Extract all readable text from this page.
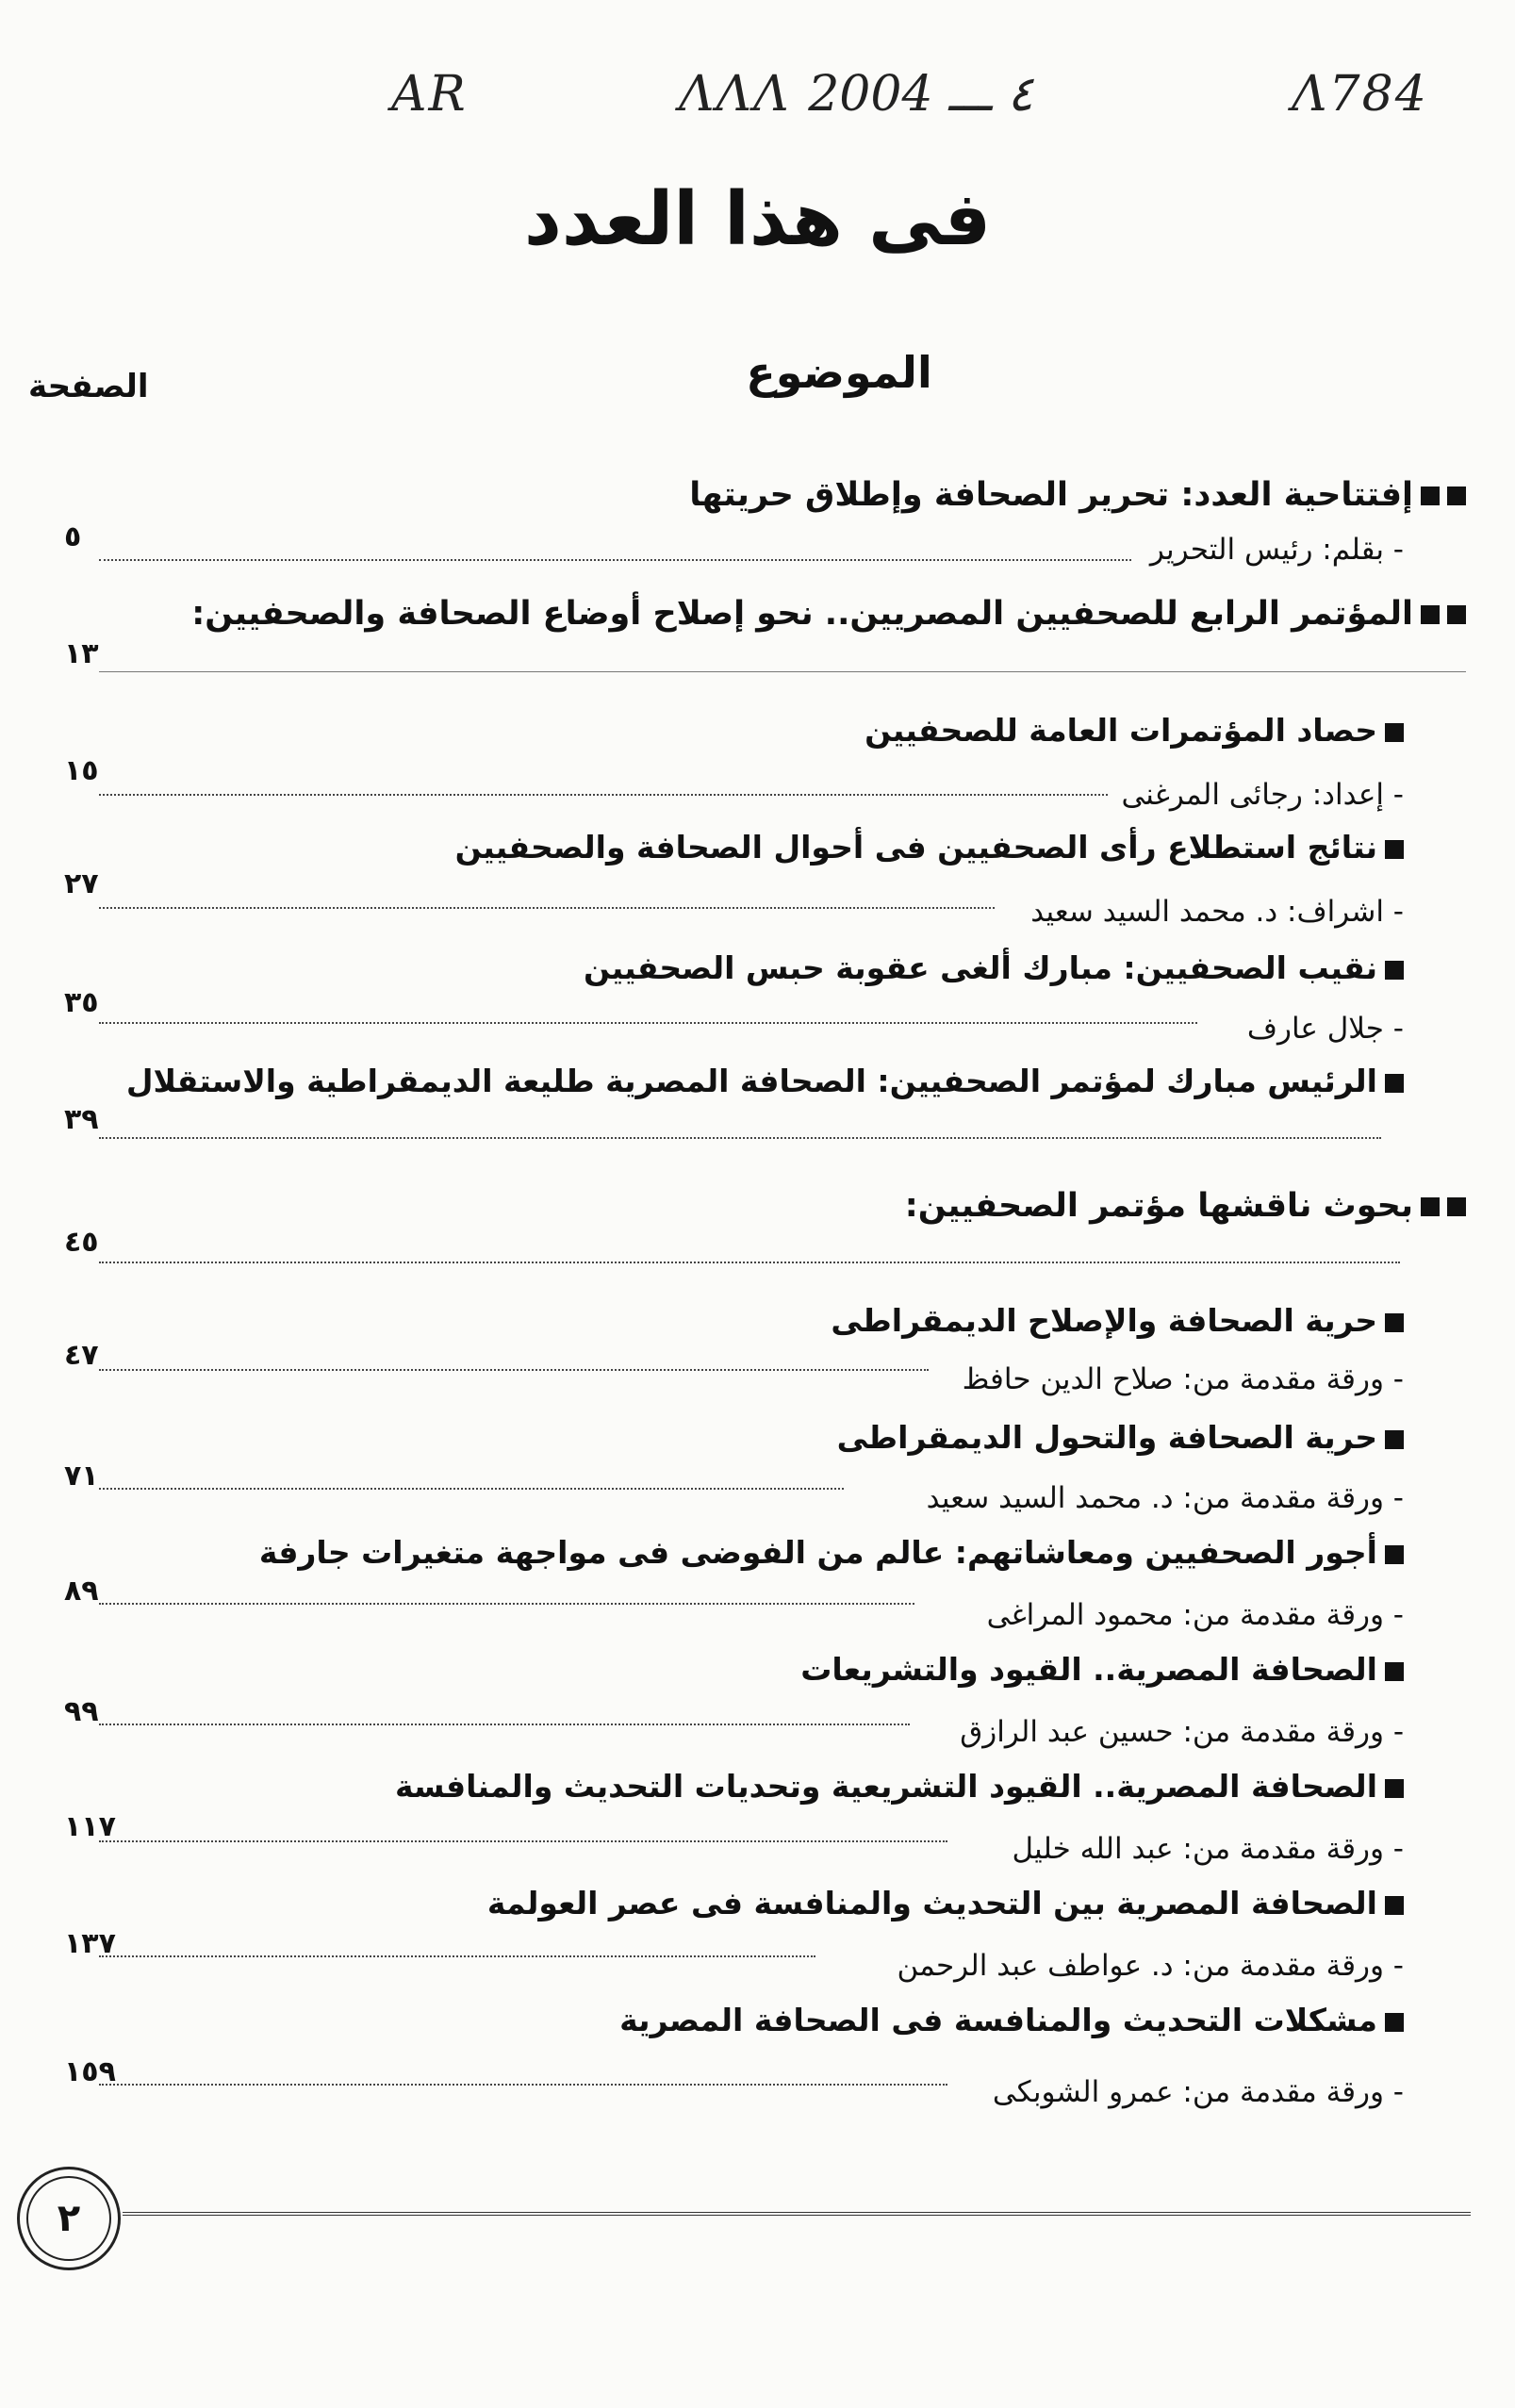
AR	ΛΛΛ ٤ ـــ 2004	Λ784
فى هذا العدد
الموضوع
الصفحة
إفتتاحية العدد: تحرير الصحافة وإطلاق حريتها
- بقلم: رئيس التحرير
٥
المؤتمر الرابع للصحفيين المصريين.. نحو إصلاح أوضاع الصحافة والصحفيين:
١٣
حصاد المؤتمرات العامة للصحفيين
- إعداد: رجائى المرغنى
١٥
نتائج استطلاع رأى الصحفيين فى أحوال الصحافة والصحفيين
- اشراف: د. محمد السيد سعيد
٢٧
نقيب الصحفيين: مبارك ألغى عقوبة حبس الصحفيين
- جلال عارف
٣٥
الرئيس مبارك لمؤتمر الصحفيين: الصحافة المصرية طليعة الديمقراطية والاستقلال
٣٩
بحوث ناقشها مؤتمر الصحفيين:
٤٥
حرية الصحافة والإصلاح الديمقراطى
- ورقة مقدمة من: صلاح الدين حافظ
٤٧
حرية الصحافة والتحول الديمقراطى
- ورقة مقدمة من: د. محمد السيد سعيد
٧١
أجور الصحفيين ومعاشاتهم: عالم من الفوضى فى مواجهة متغيرات جارفة
- ورقة مقدمة من: محمود المراغى
٨٩
الصحافة المصرية.. القيود والتشريعات
- ورقة مقدمة من: حسين عبد الرازق
٩٩
الصحافة المصرية.. القيود التشريعية وتحديات التحديث والمنافسة
- ورقة مقدمة من: عبد الله خليل
١١٧
الصحافة المصرية بين التحديث والمنافسة فى عصر العولمة
- ورقة مقدمة من: د. عواطف عبد الرحمن
١٣٧
مشكلات التحديث والمنافسة فى الصحافة المصرية
- ورقة مقدمة من: عمرو الشوبكى
١٥٩
٢
